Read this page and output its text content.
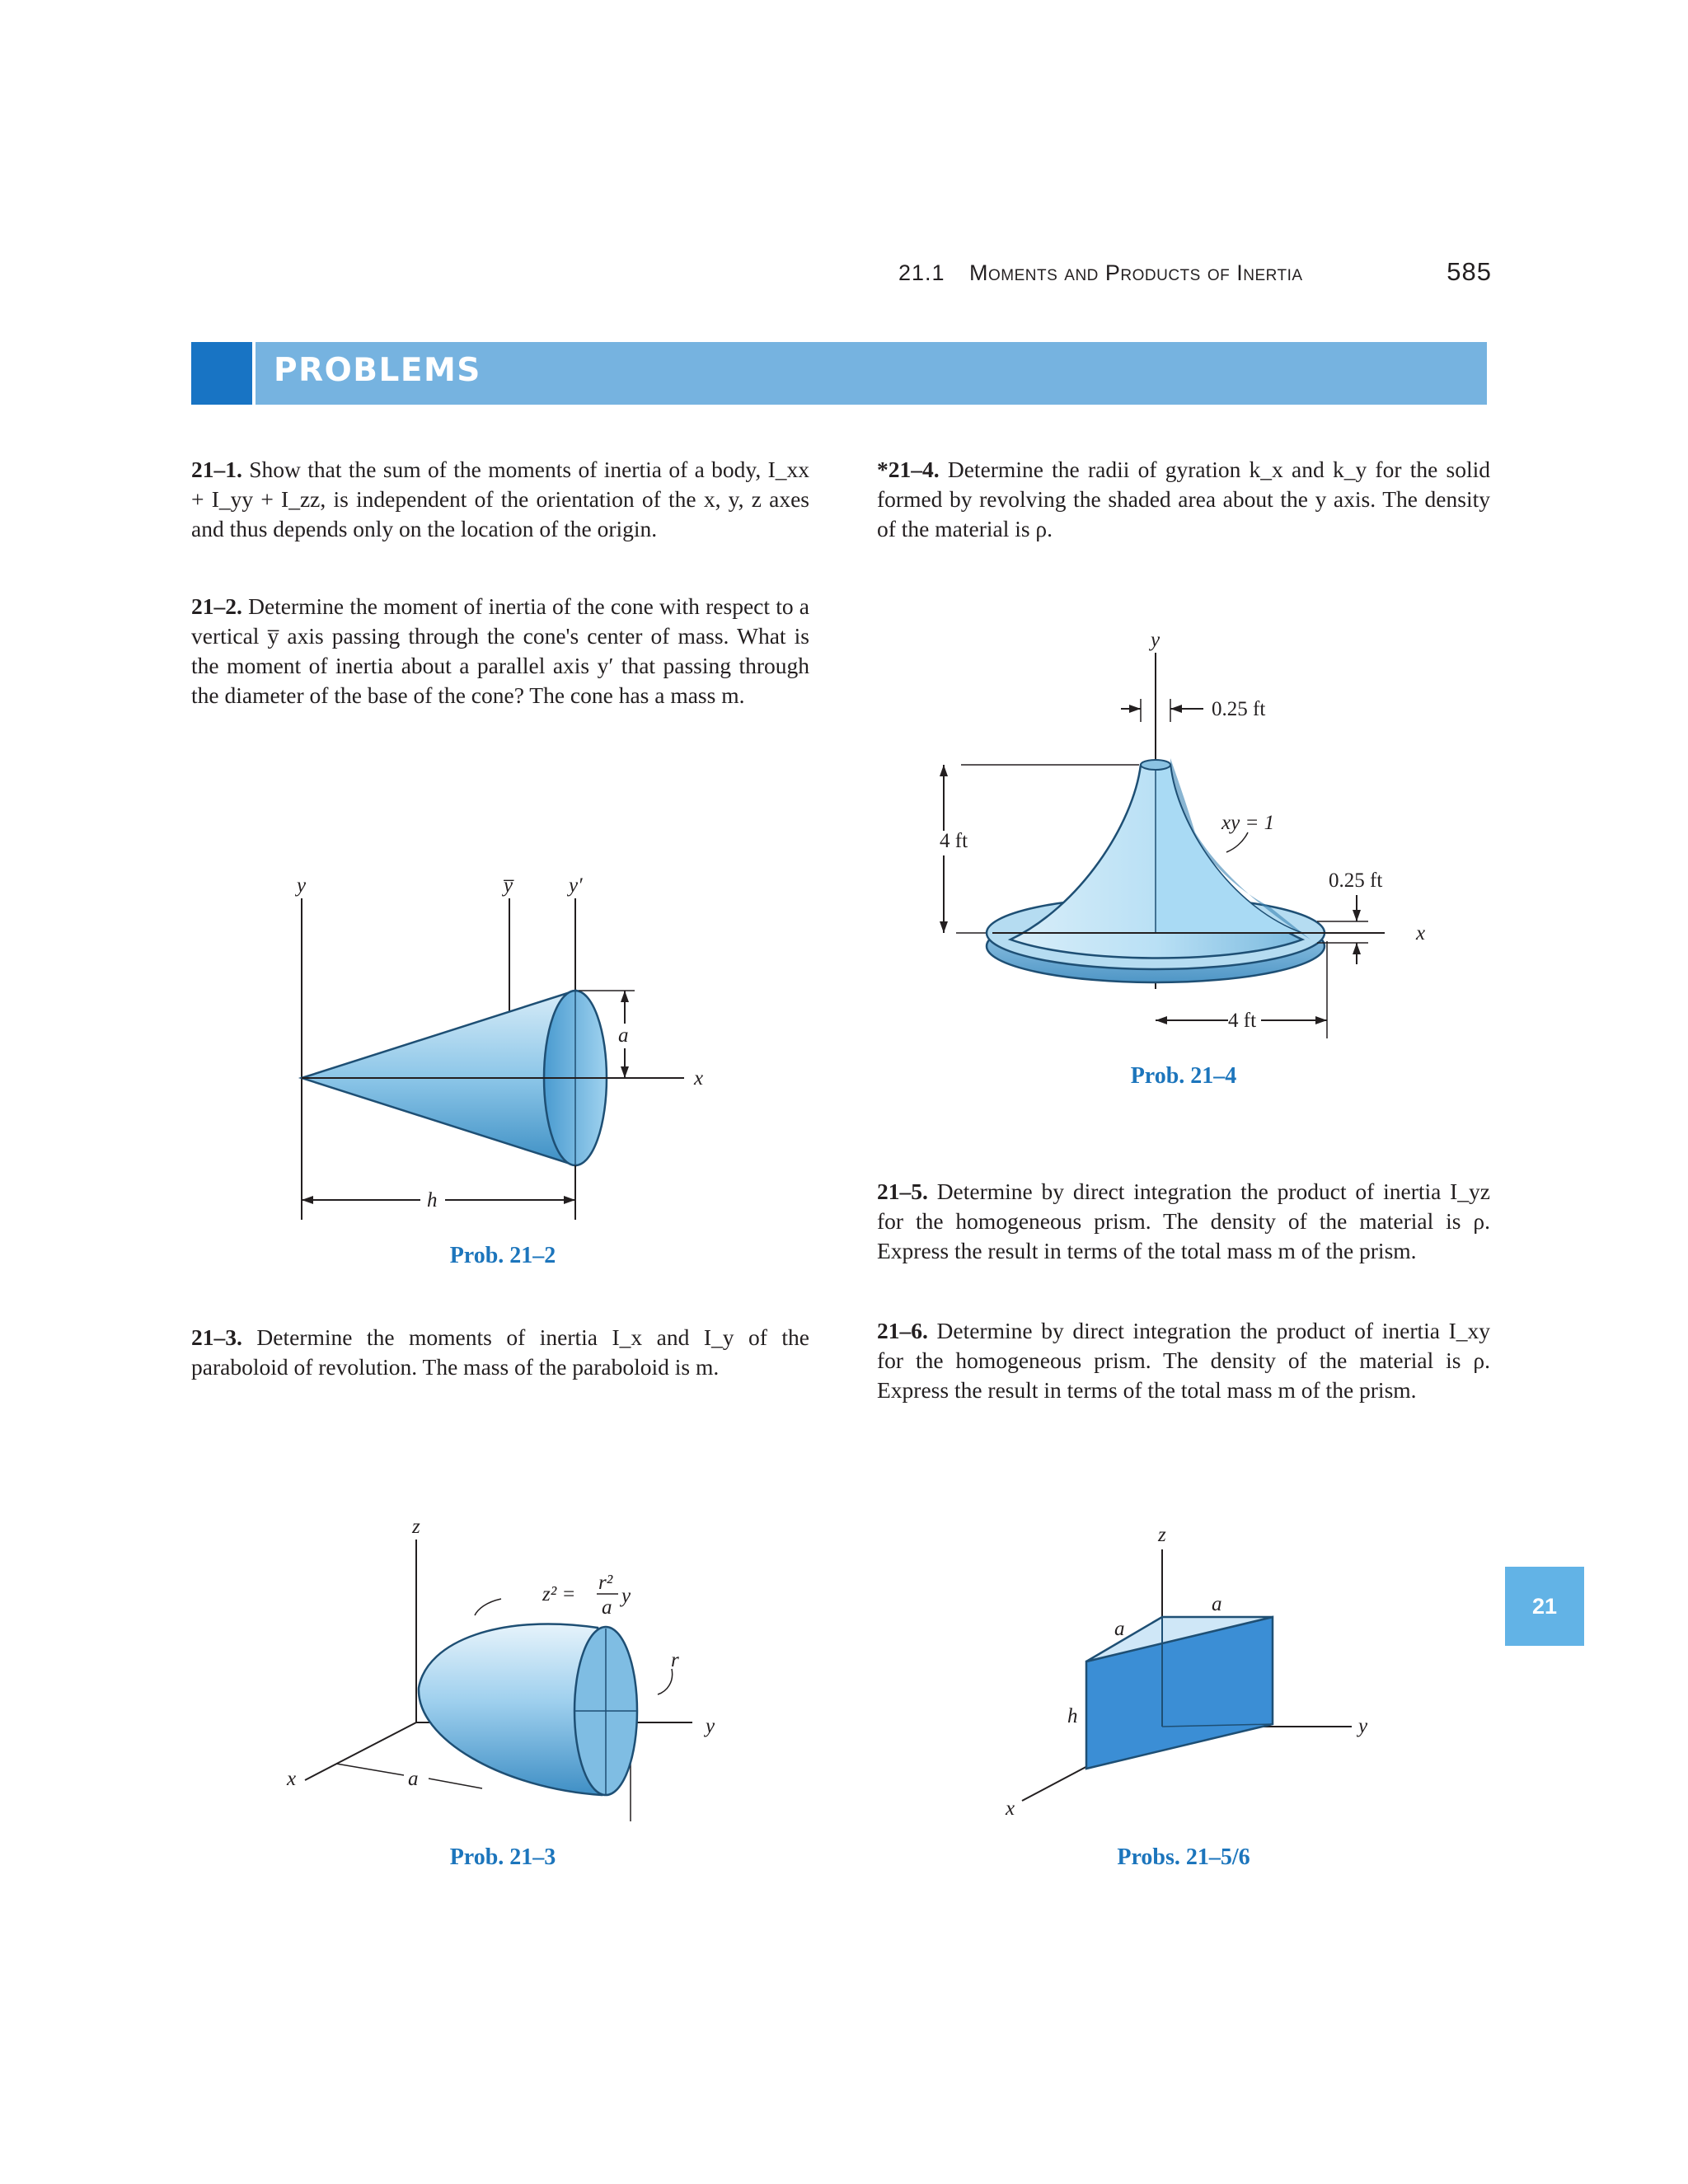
21.1 Moments and Products of Inertia	585
PROBLEMS
21–1. Show that the sum of the moments of inertia of a body, I_xx + I_yy + I_zz, is independent of the orientation of the x, y, z axes and thus depends only on the location of the origin.
21–2. Determine the moment of inertia of the cone with respect to a vertical y̅ axis passing through the cone's center of mass. What is the moment of inertia about a parallel axis y′ that passing through the diameter of the base of the cone? The cone has a mass m.
21–3. Determine the moments of inertia I_x and I_y of the paraboloid of revolution. The mass of the paraboloid is m.
*21–4. Determine the radii of gyration k_x and k_y for the solid formed by revolving the shaded area about the y axis. The density of the material is ρ.
21–5. Determine by direct integration the product of inertia I_yz for the homogeneous prism. The density of the material is ρ. Express the result in terms of the total mass m of the prism.
21–6. Determine by direct integration the product of inertia I_xy for the homogeneous prism. The density of the material is ρ. Express the result in terms of the total mass m of the prism.
y	y̅	y′
a
x
h
Prob. 21–2
z
z² =
r²
a
y
r
y
x	a
Prob. 21–3
y
0.25 ft
xy = 1
4 ft
0.25 ft
x
4 ft
Prob. 21–4
z
a
a
h	y
x
Probs. 21–5/6
21
